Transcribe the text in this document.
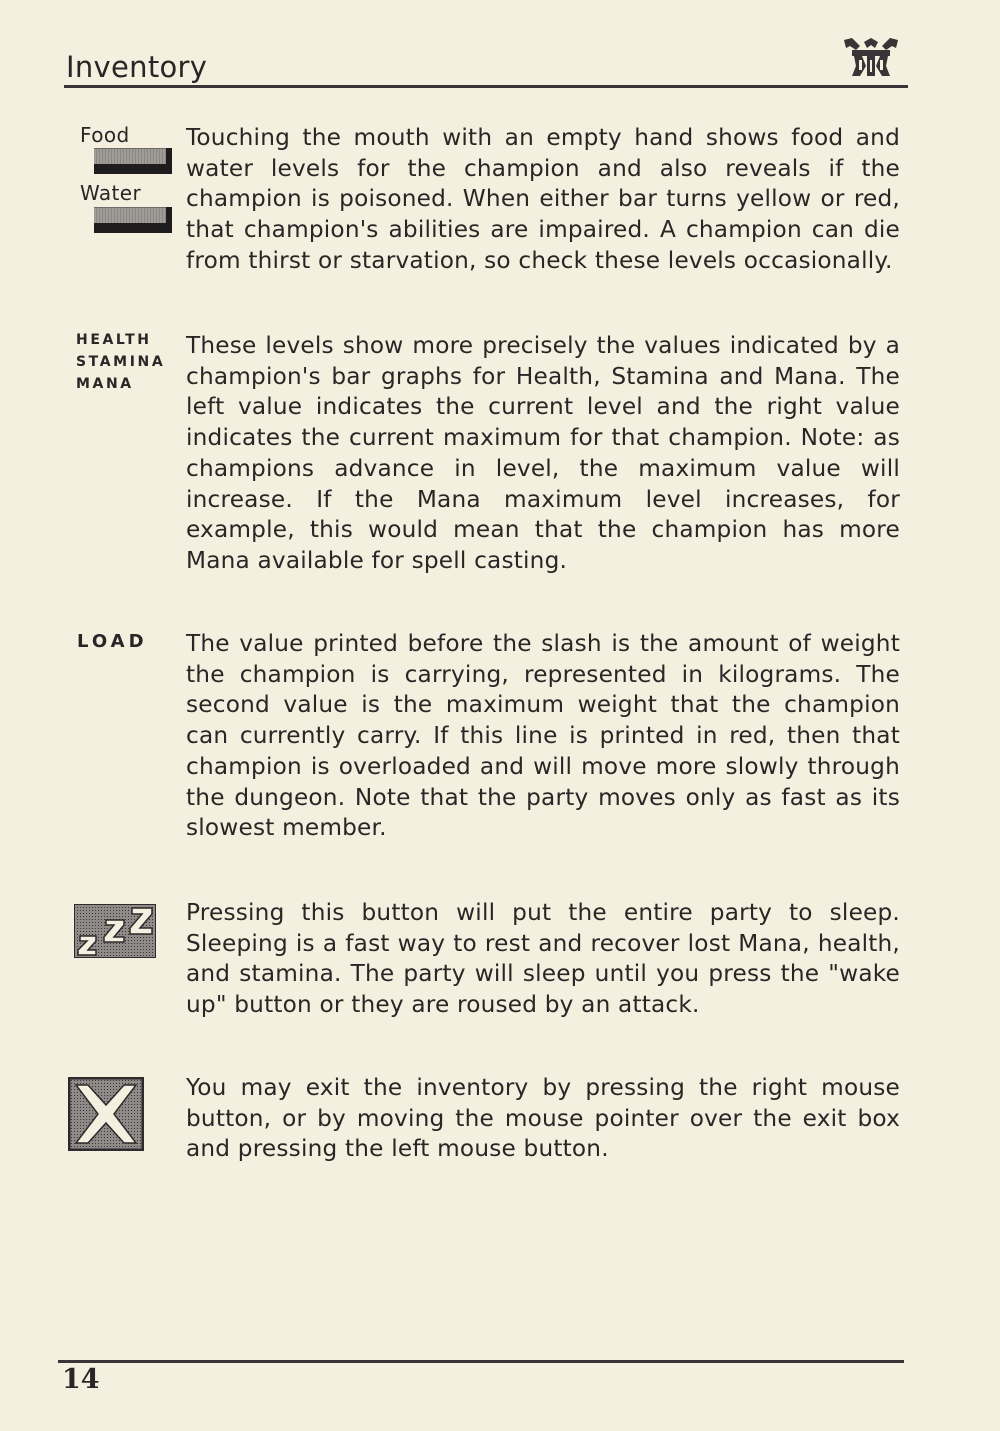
Inventory
Food
Water
Touching the mouth with an empty hand shows food and water levels for the champion and also reveals if the champion is poisoned. When either bar turns yellow or red, that champion's abilities are impaired. A champion can die from thirst or starvation, so check these levels occasionally.
HEALTH
STAMINA
MANA
These levels show more precisely the values indicated by a champion's bar graphs for Health, Stamina and Mana. The left value indicates the current level and the right value indicates the current maximum for that champion. Note: as champions advance in level, the maximum value will increase. If the Mana maximum level increases, for example, this would mean that the champion has more Mana available for spell casting.
LOAD The value printed before the slash is the amount of weight the champion is carrying, represented in kilograms. The second value is the maximum weight that the champion can currently carry. If this line is printed in red, then that champion is overloaded and will move more slowly through the dungeon. Note that the party moves only as fast as its slowest member.
Pressing this button will put the entire party to sleep. Sleeping is a fast way to rest and recover lost Mana, health, and stamina. The party will sleep until you press the "wake up" button or they are roused by an attack.
You may exit the inventory by pressing the right mouse button, or by moving the mouse pointer over the exit box and pressing the left mouse button.
14
